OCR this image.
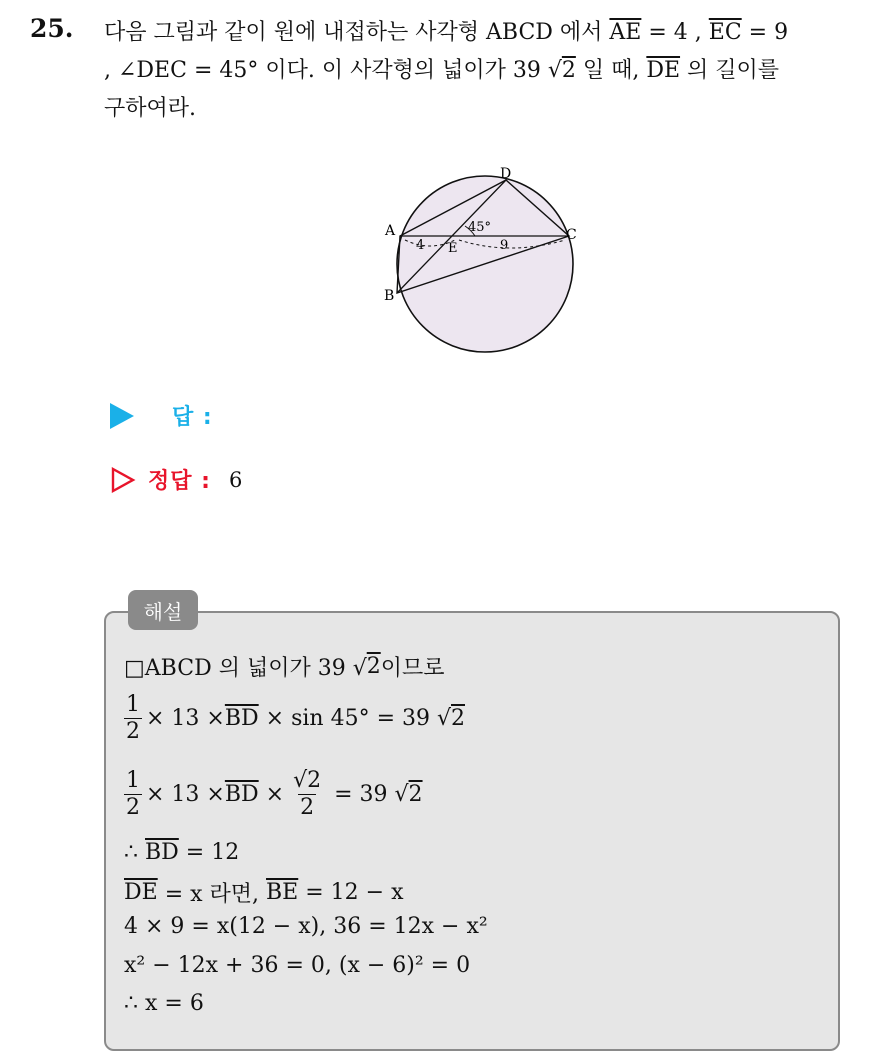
25. 다음 그림과 같이 원에 내접하는 사각형 ABCD 에서 $\overline{AE} = 4$ , $\overline{EC} = 9$
, ∠DEC = 45° 이다. 이 사각형의 넓이가 39 √2 일 때, $\overline{DE}$ 의 길이를
구하여라.
D
A	C
B
E
45°
4	9
답 :
정답 : 6
해설
□ABCD 의 넓이가 39 √ 2 이므로
$\frac{1}{2} \times 13 \times \overline{BD} \times \sin 45^\circ = 39$ √ 2
$\frac{1}{2} \times 13 \times \overline{BD} \times \frac{√2}{2} = 39$ √ 2
∴ $\overline{BD} = 12$
$\overline{DE} = x$ 라면, $\overline{BE} = 12 - x$
4 × 9 = x(12 − x), 36 = 12x − x²
x² − 12x + 36 = 0, (x − 6)² = 0
∴ x = 6
